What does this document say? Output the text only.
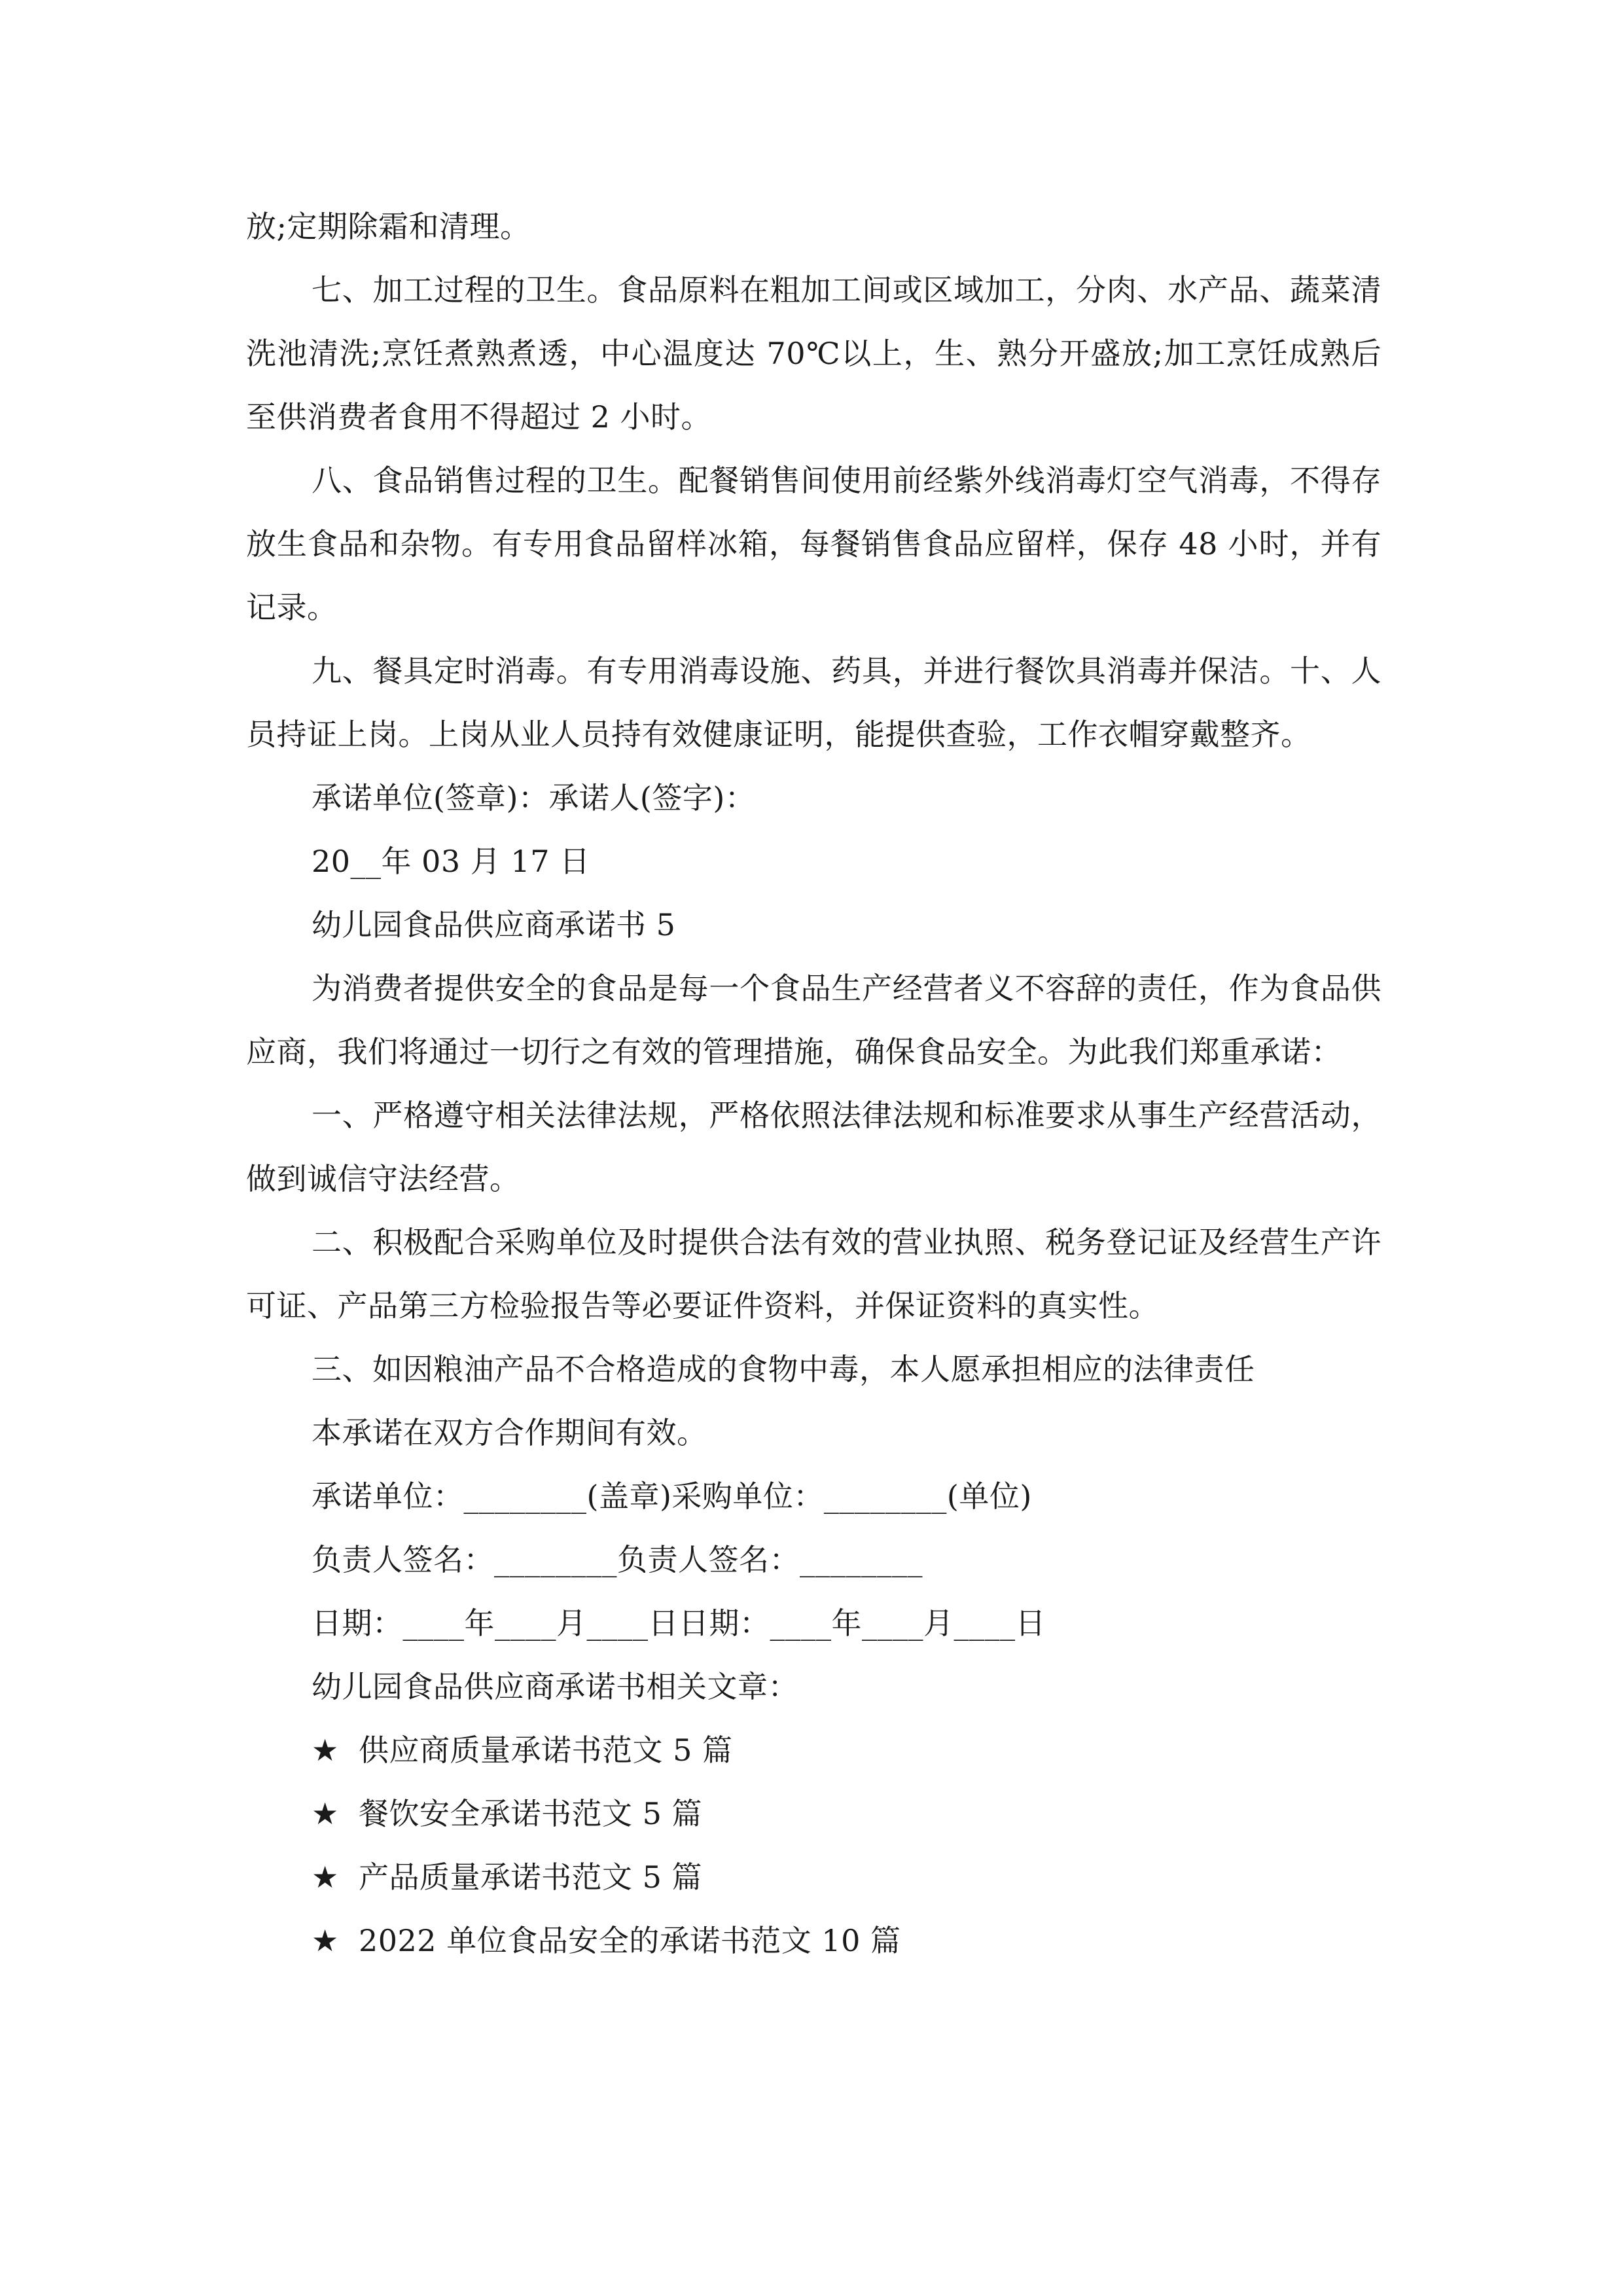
放;定期除霜和清理。

七、加工过程的卫生。食品原料在粗加工间或区域加工，分肉、水产品、蔬菜清洗池清洗;烹饪煮熟煮透，中心温度达 70℃以上，生、熟分开盛放;加工烹饪成熟后至供消费者食用不得超过 2 小时。

八、食品销售过程的卫生。配餐销售间使用前经紫外线消毒灯空气消毒，不得存放生食品和杂物。有专用食品留样冰箱，每餐销售食品应留样，保存 48 小时，并有记录。

九、餐具定时消毒。有专用消毒设施、药具，并进行餐饮具消毒并保洁。十、人员持证上岗。上岗从业人员持有效健康证明，能提供查验，工作衣帽穿戴整齐。

承诺单位(签章)：承诺人(签字)：

20__年 03 月 17 日

幼儿园食品供应商承诺书 5

为消费者提供安全的食品是每一个食品生产经营者义不容辞的责任，作为食品供应商，我们将通过一切行之有效的管理措施，确保食品安全。为此我们郑重承诺：

一、严格遵守相关法律法规，严格依照法律法规和标准要求从事生产经营活动，做到诚信守法经营。

二、积极配合采购单位及时提供合法有效的营业执照、税务登记证及经营生产许可证、产品第三方检验报告等必要证件资料，并保证资料的真实性。

三、如因粮油产品不合格造成的食物中毒，本人愿承担相应的法律责任

本承诺在双方合作期间有效。

承诺单位：________(盖章)采购单位：________(单位)

负责人签名：________负责人签名：________

日期：____年____月____日日期：____年____月____日

幼儿园食品供应商承诺书相关文章：

★ 供应商质量承诺书范文 5 篇
★ 餐饮安全承诺书范文 5 篇
★ 产品质量承诺书范文 5 篇
★ 2022 单位食品安全的承诺书范文 10 篇
